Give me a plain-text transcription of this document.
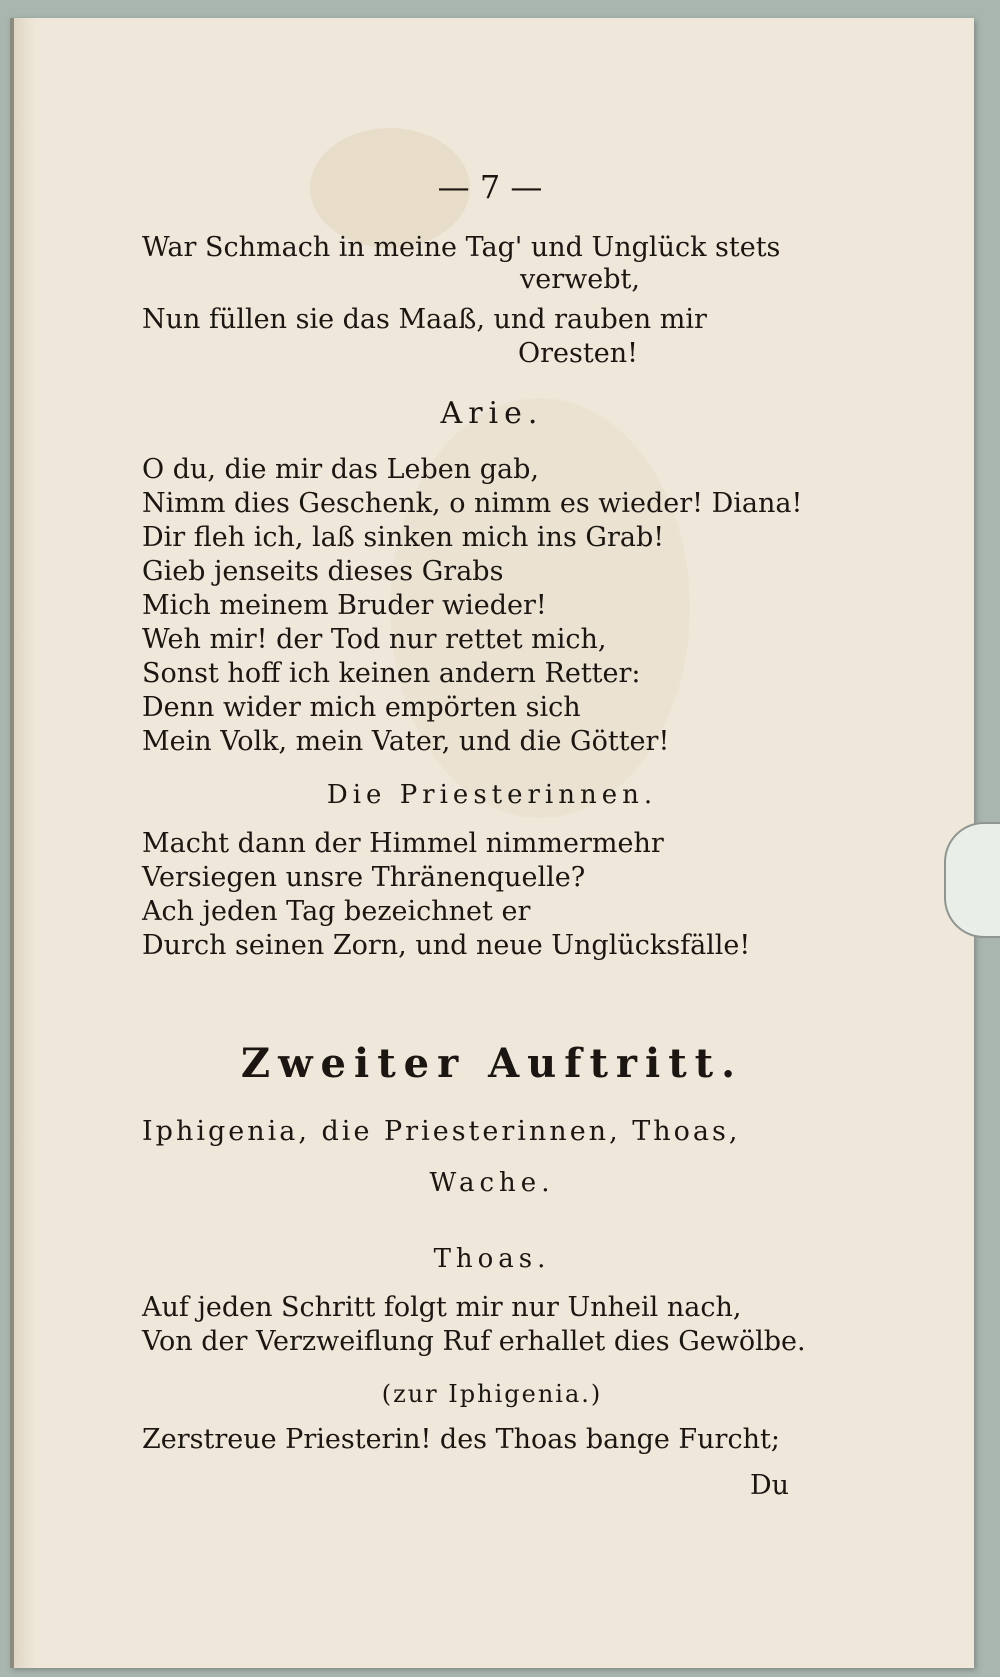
— 7 —
War Schmach in meine Tag' und Unglück stets
verwebt,
Nun füllen sie das Maaß, und rauben mir
Oresten!
Arie.
O du, die mir das Leben gab,
Nimm dies Geschenk, o nimm es wieder! Diana!
Dir fleh ich, laß sinken mich ins Grab!
Gieb jenseits dieses Grabs
Mich meinem Bruder wieder!
Weh mir! der Tod nur rettet mich,
Sonst hoff ich keinen andern Retter:
Denn wider mich empörten sich
Mein Volk, mein Vater, und die Götter!
Die Priesterinnen.
Macht dann der Himmel nimmermehr
Versiegen unsre Thränenquelle?
Ach jeden Tag bezeichnet er
Durch seinen Zorn, und neue Unglücksfälle!
Zweiter Auftritt.
Iphigenia, die Priesterinnen, Thoas,
Wache.
Thoas.
Auf jeden Schritt folgt mir nur Unheil nach,
Von der Verzweiflung Ruf erhallet dies Gewölbe.
(zur Iphigenia.)
Zerstreue Priesterin! des Thoas bange Furcht;
Du
